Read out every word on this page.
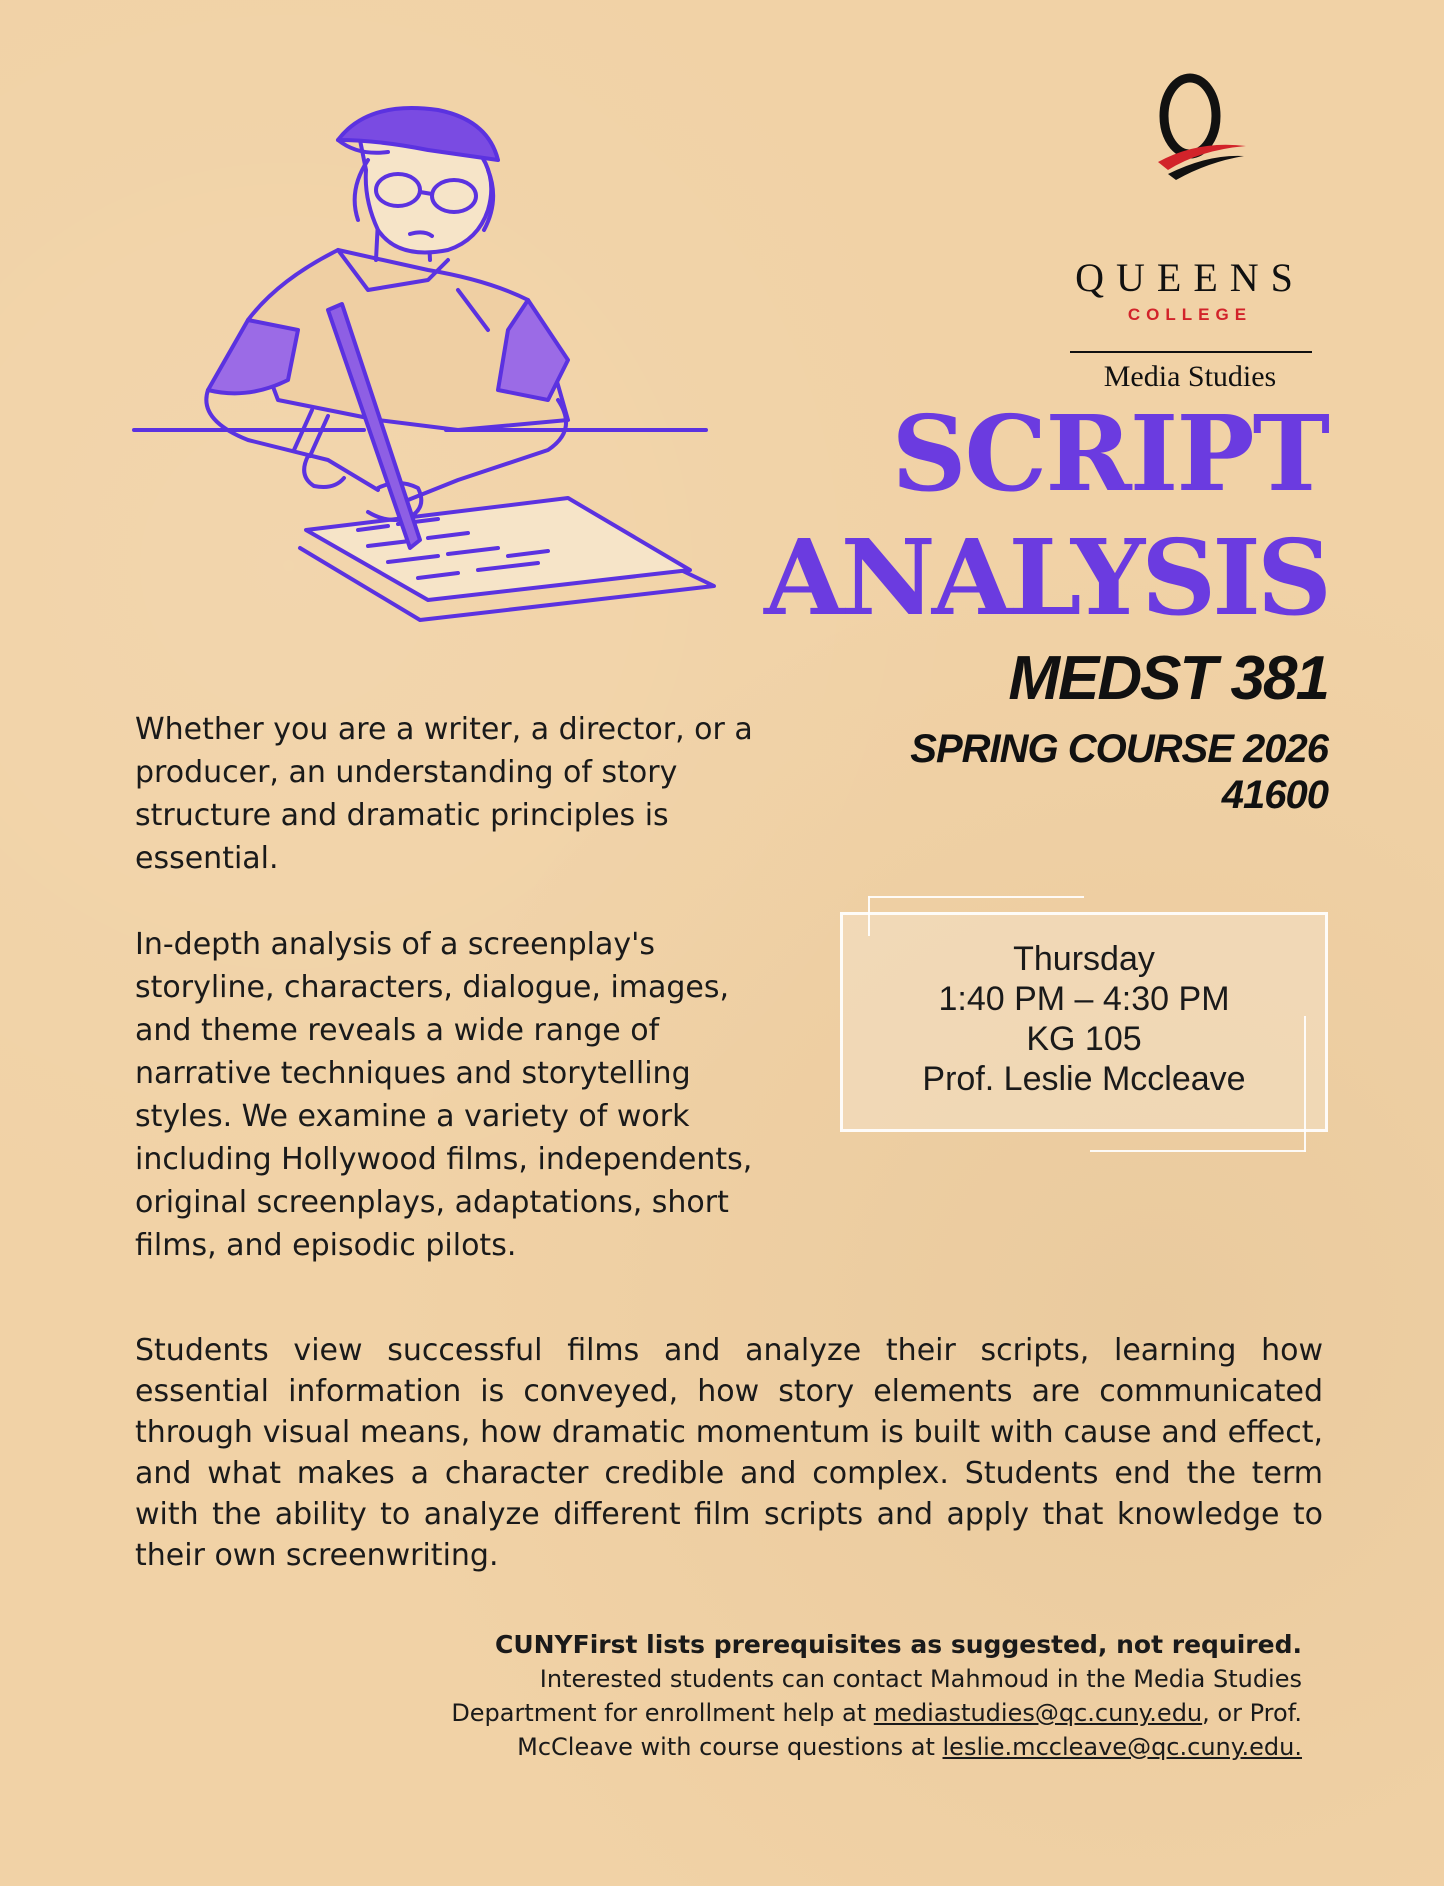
QUEENS
COLLEGE
Media Studies
SCRIPT
ANALYSIS
MEDST 381
SPRING COURSE 2026
41600
Thursday
1:40 PM – 4:30 PM
KG 105
Prof. Leslie Mccleave

Whether you are a writer, a director, or a producer, an understanding of story structure and dramatic principles is essential.

In-depth analysis of a screenplay's storyline, characters, dialogue, images, and theme reveals a wide range of narrative techniques and storytelling styles. We examine a variety of work including Hollywood films, independents, original screenplays, adaptations, short films, and episodic pilots.

Students view successful films and analyze their scripts, learning how essential information is conveyed, how story elements are communicated through visual means, how dramatic momentum is built with cause and effect, and what makes a character credible and complex. Students end the term with the ability to analyze different film scripts and apply that knowledge to their own screenwriting.
CUNYFirst lists prerequisites as suggested, not required.
Interested students can contact Mahmoud in the Media Studies
Department for enrollment help at mediastudies@qc.cuny.edu, or Prof.
McCleave with course questions at leslie.mccleave@qc.cuny.edu.
